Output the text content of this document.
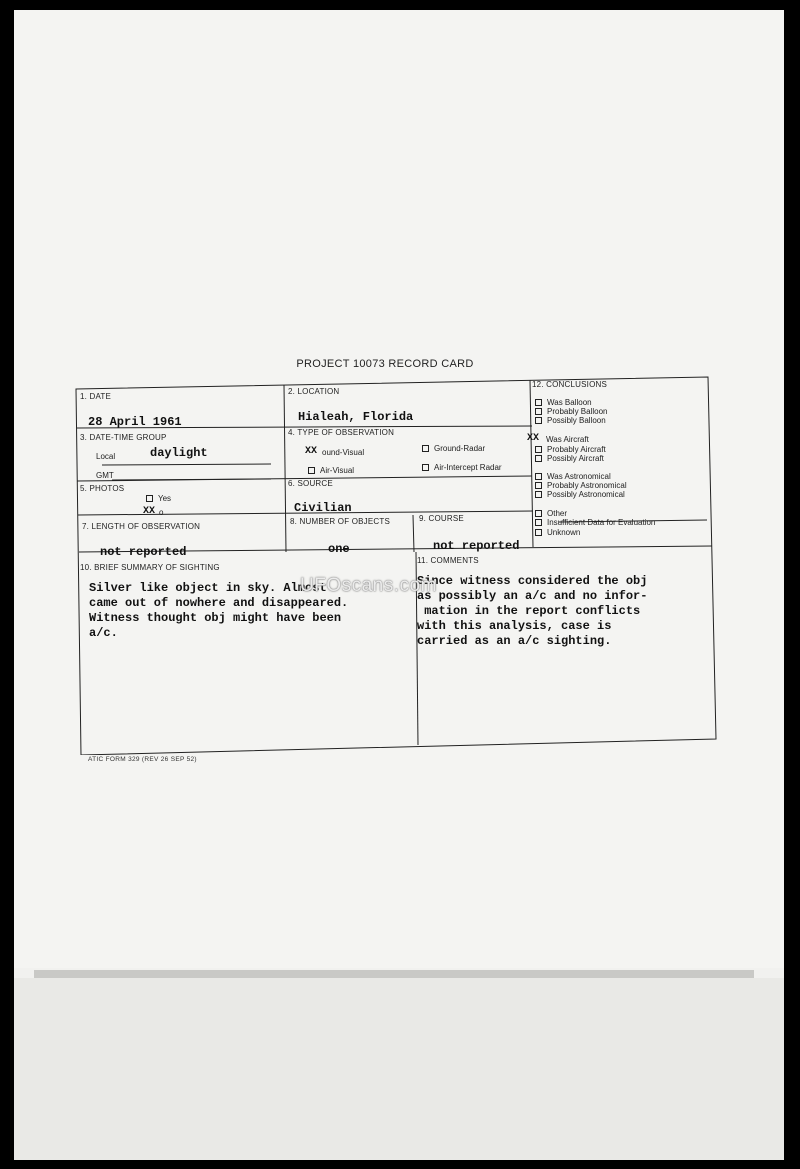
PROJECT 10073 RECORD CARD
1. DATE
28 April 1961
2. LOCATION
Hialeah, Florida
3. DATE-TIME GROUP
Local	daylight
GMT
4. TYPE OF OBSERVATION
XX ound-Visual	Ground-Radar
Air-Visual	Air-Intercept Radar
5. PHOTOS
Yes
XX o
6. SOURCE
Civilian
7. LENGTH OF OBSERVATION
not reported
8. NUMBER OF OBJECTS
one
9. COURSE
not reported
10. BRIEF SUMMARY OF SIGHTING
Silver like object in sky. Almost
came out of nowhere and disappeared.
Witness thought obj might have been
a/c.
11. COMMENTS
Since witness considered the obj
as possibly an a/c and no infor-
mation in the report conflicts
with this analysis, case is
carried as an a/c sighting.
12. CONCLUSIONS
Was Balloon
Probably Balloon
Possibly Balloon
XX Was Aircraft
Probably Aircraft
Possibly Aircraft
Was Astronomical
Probably Astronomical
Possibly Astronomical
Other
Insufficient Data for Evaluation
Unknown
UFOscans.com
ATIC FORM 329 (REV 26 SEP 52)
